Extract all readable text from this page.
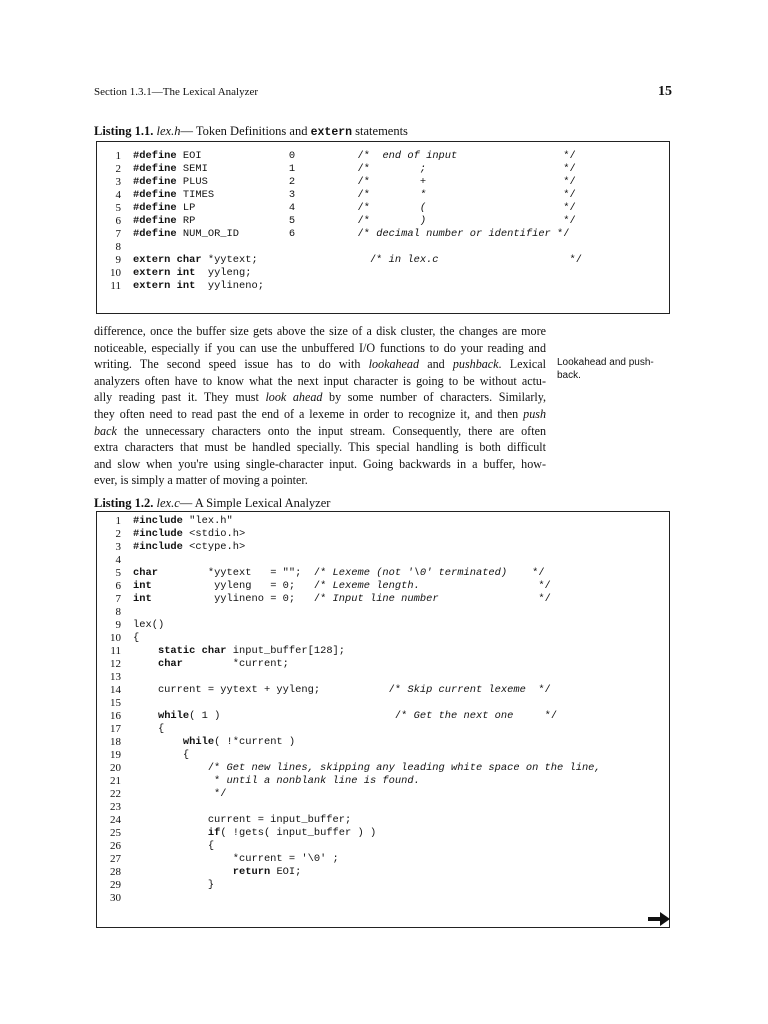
Section 1.3.1—The Lexical Analyzer	15
Listing 1.1. lex.h— Token Definitions and extern statements
1 #define EOI              0          /*  end of input                 */
2 #define SEMI             1          /*        ;                      */
3 #define PLUS             2          /*        +                      */
4 #define TIMES            3          /*        *                      */
5 #define LP               4          /*        (                      */
6 #define RP               5          /*        )                      */
7 #define NUM_OR_ID        6          /* decimal number or identifier */
8
9 extern char *yytext;                  /* in lex.c                     */
10 extern int  yyleng;
11 extern int  yylineno;
difference, once the buffer size gets above the size of a disk cluster, the changes are more
noticeable, especially if you can use the unbuffered I/O functions to do your reading and
writing. The second speed issue has to do with lookahead and pushback. Lexical
analyzers often have to know what the next input character is going to be without actu-
ally reading past it. They must look ahead by some number of characters. Similarly,
they often need to read past the end of a lexeme in order to recognize it, and then push
back the unnecessary characters onto the input stream. Consequently, there are often
extra characters that must be handled specially. This special handling is both difficult
and slow when you're using single-character input. Going backwards in a buffer, how-
ever, is simply a matter of moving a pointer.
Lookahead and push-back.
Listing 1.2. lex.c— A Simple Lexical Analyzer
1 #include "lex.h"
2 #include <stdio.h>
3 #include <ctype.h>
4
5 char        *yytext   = "";  /* Lexeme (not '\0' terminated)    */
6 int          yyleng   = 0;   /* Lexeme length.                   */
7 int          yylineno = 0;   /* Input line number                */
8
9 lex()
10 {
11	static char input_buffer[128];
12	char        *current;
13
14 current = yytext + yyleng;           /* Skip current lexeme  */
15
16	while( 1 )                            /* Get the next one     */
17 {
18	while( !*current )
19 {
20 /* Get new lines, skipping any leading white space on the line,
21 * until a nonblank line is found.
22 */
23
24 current = input_buffer;
25	if( !gets( input_buffer ) )
26 {
27 *current = '\0' ;
28	return EOI;
29 }
30
